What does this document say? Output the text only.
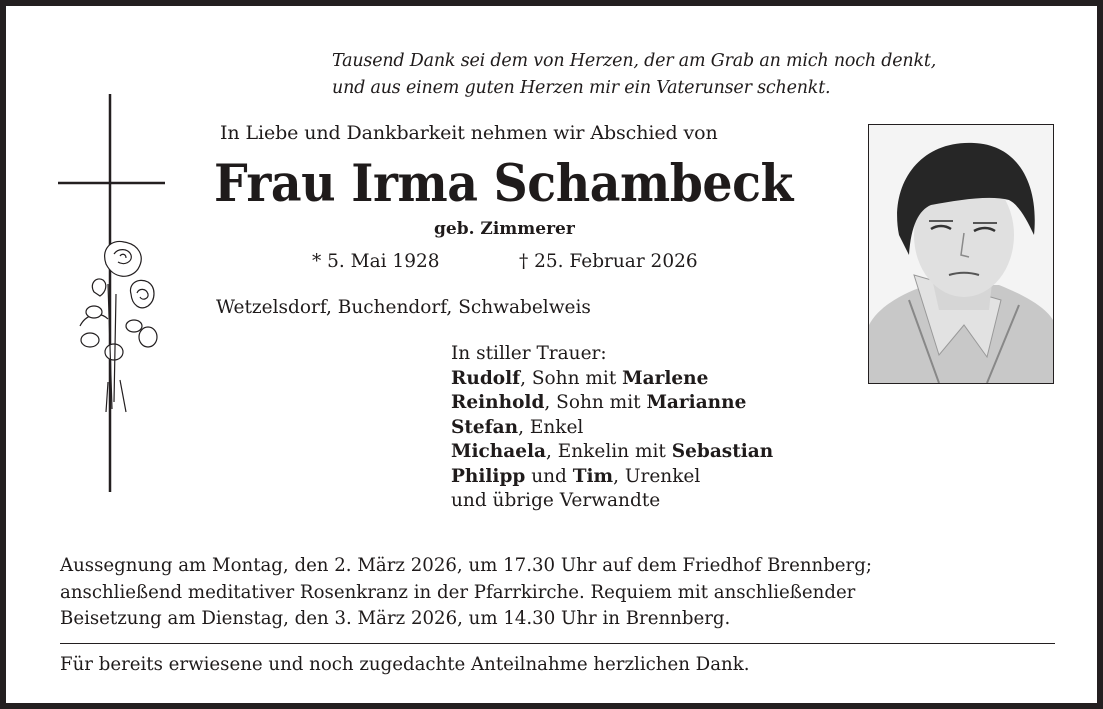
Tausend Dank sei dem von Herzen, der am Grab an mich noch denkt,
und aus einem guten Herzen mir ein Vaterunser schenkt.
In Liebe und Dankbarkeit nehmen wir Abschied von
Frau Irma Schambeck
geb. Zimmerer
* 5. Mai 1928	† 25. Februar 2026
Wetzelsdorf, Buchendorf, Schwabelweis
In stiller Trauer:
Rudolf, Sohn mit Marlene
Reinhold, Sohn mit Marianne
Stefan, Enkel
Michaela, Enkelin mit Sebastian
Philipp und Tim, Urenkel
und übrige Verwandte
Aussegnung am Montag, den 2. März 2026, um 17.30 Uhr auf dem Friedhof Brennberg;
anschließend meditativer Rosenkranz in der Pfarrkirche. Requiem mit anschließender
Beisetzung am Dienstag, den 3. März 2026, um 14.30 Uhr in Brennberg.
Für bereits erwiesene und noch zugedachte Anteilnahme herzlichen Dank.
